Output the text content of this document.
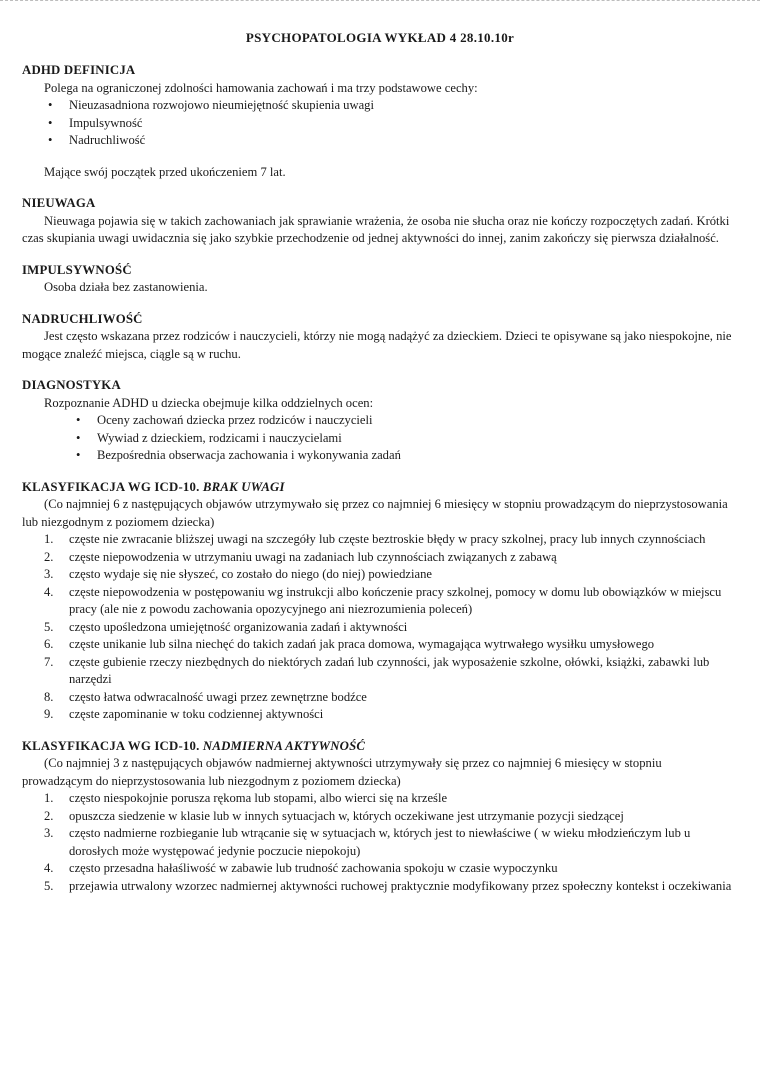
PSYCHOPATOLOGIA WYKŁAD 4 28.10.10r

ADHD DEFINICJA

Polega na ograniczonej zdolności hamowania zachowań i ma trzy podstawowe cechy:

• Nieuzasadniona rozwojowo nieumiejętność skupienia uwagi
• Impulsywność
• Nadruchliwość

Mające swój początek przed ukończeniem 7 lat.

NIEUWAGA

Nieuwaga pojawia się w takich zachowaniach jak sprawianie wrażenia, że osoba nie słucha oraz nie kończy rozpoczętych zadań. Krótki czas skupiania uwagi uwidacznia się jako szybkie przechodzenie od jednej aktywności do innej, zanim zakończy się pierwsza działalność.

IMPULSYWNOŚĆ

Osoba działa bez zastanowienia.

NADRUCHLIWOŚĆ

Jest często wskazana przez rodziców i nauczycieli, którzy nie mogą nadążyć za dzieckiem. Dzieci te opisywane są jako niespokojne, nie mogące znaleźć miejsca, ciągle są w ruchu.

DIAGNOSTYKA

Rozpoznanie ADHD u dziecka obejmuje kilka oddzielnych ocen:

• Oceny zachowań dziecka przez rodziców i nauczycieli
• Wywiad z dzieckiem, rodzicami i nauczycielami
• Bezpośrednia obserwacja zachowania i wykonywania zadań

KLASYFIKACJA WG ICD-10. BRAK UWAGI

(Co najmniej 6 z następujących objawów utrzymywało się przez co najmniej 6 miesięcy w stopniu prowadzącym do nieprzystosowania lub niezgodnym z poziomem dziecka)

1.	częste nie zwracanie bliższej uwagi na szczegóły lub częste beztroskie błędy w pracy szkolnej, pracy lub innych czynnościach
2.	częste niepowodzenia w utrzymaniu uwagi na zadaniach lub czynnościach związanych z zabawą
3.	często wydaje się nie słyszeć, co zostało do niego (do niej) powiedziane
4.	częste niepowodzenia w postępowaniu wg instrukcji albo kończenie pracy szkolnej, pomocy w domu lub obowiązków w miejscu pracy (ale nie z powodu zachowania opozycyjnego ani niezrozumienia poleceń)
5.	często upośledzona umiejętność organizowania zadań i aktywności
6.	częste unikanie lub silna niechęć do takich zadań jak praca domowa, wymagająca wytrwałego wysiłku umysłowego
7.	częste gubienie rzeczy niezbędnych do niektórych zadań lub czynności, jak wyposażenie szkolne, ołówki, książki, zabawki lub narzędzi
8.	często łatwa odwracalność uwagi przez zewnętrzne bodźce
9.	częste zapominanie w toku codziennej aktywności

KLASYFIKACJA WG ICD-10. NADMIERNA AKTYWNOŚĆ

(Co najmniej 3 z następujących objawów nadmiernej aktywności utrzymywały się przez co najmniej 6 miesięcy w stopniu prowadzącym do nieprzystosowania lub niezgodnym z poziomem dziecka)

1.	często niespokojnie porusza rękoma lub stopami, albo wierci się na krześle
2.	opuszcza siedzenie w klasie lub w innych sytuacjach w, których oczekiwane jest utrzymanie pozycji siedzącej
3.	często nadmierne rozbieganie lub wtrącanie się w sytuacjach w, których jest to niewłaściwe ( w wieku młodzieńczym lub u dorosłych może występować jedynie poczucie niepokoju)
4.	często przesadna hałaśliwość w zabawie lub trudność zachowania spokoju w czasie wypoczynku
5.	przejawia utrwalony wzorzec nadmiernej aktywności ruchowej praktycznie modyfikowany przez społeczny kontekst i oczekiwania
